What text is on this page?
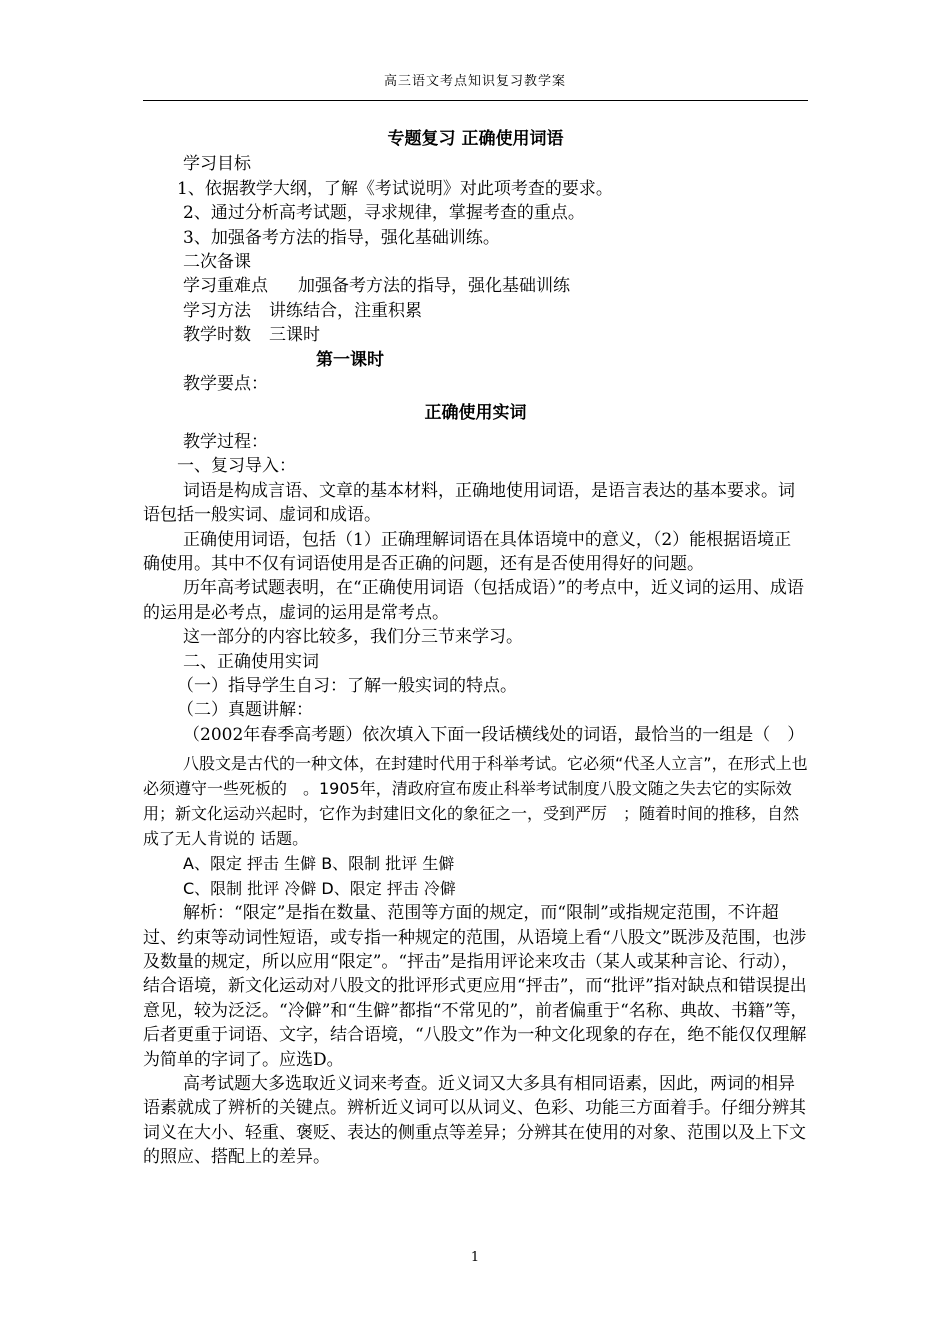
高三语文考点知识复习教学案

专题复习 正确使用词语

学习目标

1、依据教学大纲，了解《考试说明》对此项考查的要求。

2、通过分析高考试题，寻求规律，掌握考查的重点。

3、加强备考方法的指导，强化基础训练。

二次备课

学习重难点 加强备考方法的指导，强化基础训练

学习方法 讲练结合，注重积累

教学时数 三课时

第一课时

教学要点：

正确使用实词

教学过程：

一、复习导入：

词语是构成言语、文章的基本材料，正确地使用词语，是语言表达的基本要求。词语包括一般实词、虚词和成语。

正确使用词语，包括（1）正确理解词语在具体语境中的意义，（2）能根据语境正确使用。其中不仅有词语使用是否正确的问题，还有是否使用得好的问题。

历年高考试题表明，在“正确使用词语（包括成语）”的考点中，近义词的运用、成语的运用是必考点，虚词的运用是常考点。

这一部分的内容比较多，我们分三节来学习。

二、正确使用实词

（一）指导学生自习：了解一般实词的特点。

（二）真题讲解：

（2002年春季高考题）依次填入下面一段话横线处的词语，最恰当的一组是（　）

八股文是古代的一种文体，在封建时代用于科举考试。它必须“代圣人立言”，在形式上也必须遵守一些死板的　。1905年，清政府宣布废止科举考试制度八股文随之失去它的实际效用；新文化运动兴起时，它作为封建旧文化的象征之一，受到严厉　；随着时间的推移，自然成了无人肯说的 话题。

A、限定 抨击 生僻 B、限制 批评 生僻

C、限制 批评 冷僻 D、限定 抨击 冷僻

解析：“限定”是指在数量、范围等方面的规定，而“限制”或指规定范围，不许超过、约束等动词性短语，或专指一种规定的范围，从语境上看“八股文”既涉及范围，也涉及数量的规定，所以应用“限定”。“抨击”是指用评论来攻击（某人或某种言论、行动），结合语境，新文化运动对八股文的批评形式更应用“抨击”，而“批评”指对缺点和错误提出意见，较为泛泛。“冷僻”和“生僻”都指“不常见的”，前者偏重于“名称、典故、书籍”等，后者更重于词语、文字，结合语境，“八股文”作为一种文化现象的存在，绝不能仅仅理解为简单的字词了。应选D。

高考试题大多选取近义词来考查。近义词又大多具有相同语素，因此，两词的相异语素就成了辨析的关键点。辨析近义词可以从词义、色彩、功能三方面着手。仔细分辨其词义在大小、轻重、褒贬、表达的侧重点等差异；分辨其在使用的对象、范围以及上下文的照应、搭配上的差异。

1
